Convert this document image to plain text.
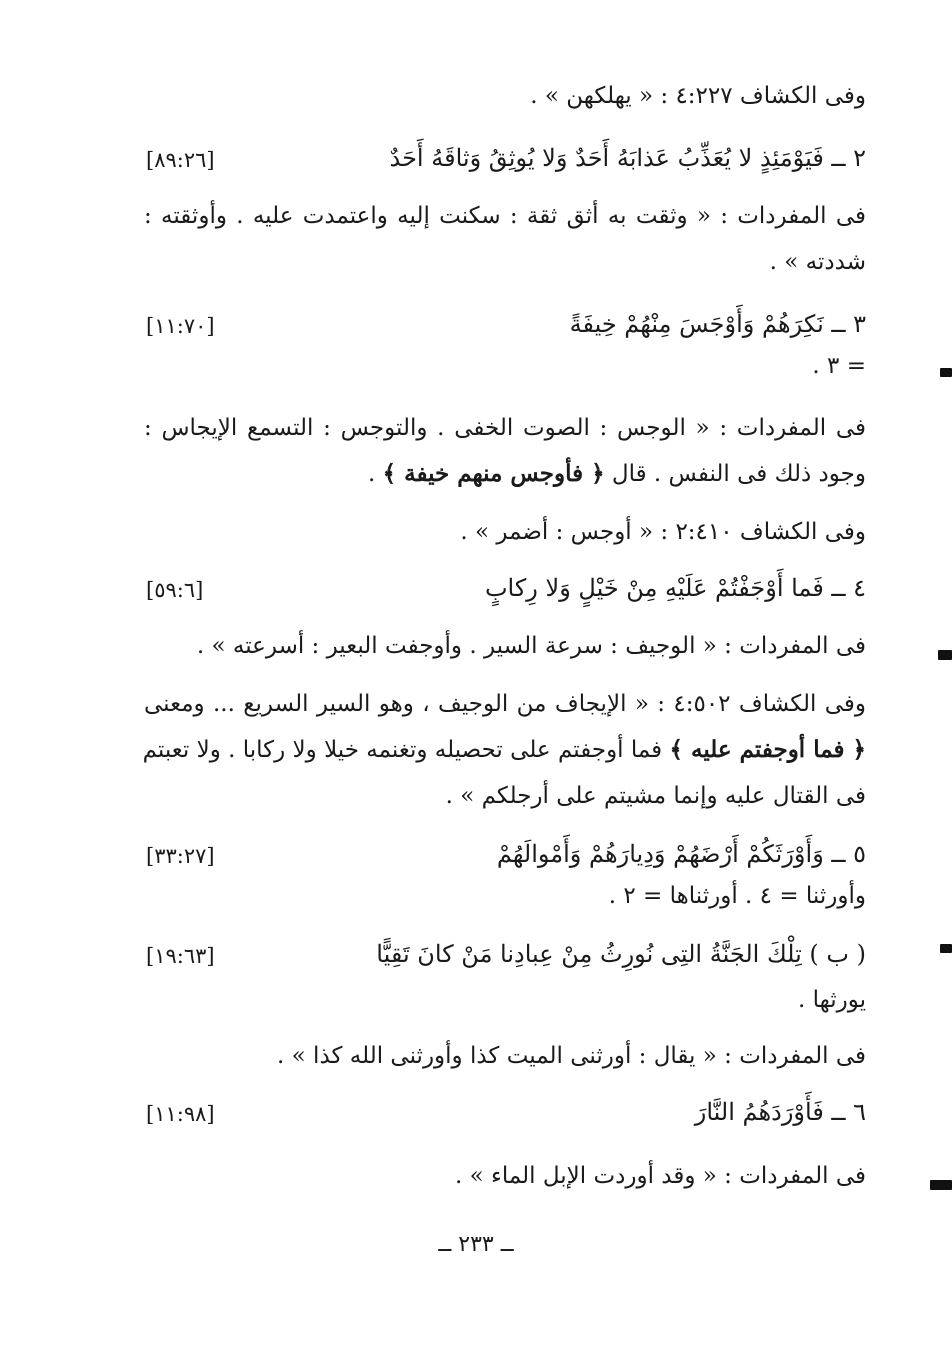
وفى الكشاف ٤:٢٢٧ : « يهلكهن » .
٢ ــ فَيَوْمَئِذٍ لا يُعَذِّبُ عَذابَهُ أَحَدٌ وَلا يُوثِقُ وَثاقَهُ أَحَدٌ
[٨٩:٢٦]
فى المفردات : « وثقت به أثق ثقة : سكنت إليه واعتمدت عليه . وأوثقته :
شددته » .
٣ ــ نَكِرَهُمْ وَأَوْجَسَ مِنْهُمْ خِيفَةً
[١١:٧٠]
= ٣ .
فى المفردات : « الوجس : الصوت الخفى . والتوجس : التسمع الإيجاس :
وجود ذلك فى النفس . قال ﴿ فأوجس منهم خيفة ﴾ .
وفى الكشاف ٢:٤١٠ : « أوجس : أضمر » .
٤ ــ فَما أَوْجَفْتُمْ عَلَيْهِ مِنْ خَيْلٍ وَلا رِكابٍ
[٥٩:٦]
فى المفردات : « الوجيف : سرعة السير . وأوجفت البعير : أسرعته » .
وفى الكشاف ٤:٥٠٢ : « الإيجاف من الوجيف ، وهو السير السريع ... ومعنى
﴿ فما أوجفتم عليه ﴾ فما أوجفتم على تحصيله وتغنمه خيلا ولا ركابا . ولا تعبتم
فى القتال عليه وإنما مشيتم على أرجلكم » .
٥ ــ وَأَوْرَثَكُمْ أَرْضَهُمْ وَدِيارَهُمْ وَأَمْوالَهُمْ
[٣٣:٢٧]
وأورثنا = ٤ . أورثناها = ٢ .
( ب ) تِلْكَ الجَنَّةُ التِى نُورِثُ مِنْ عِبادِنا مَنْ كانَ تَقِيًّا
[١٩:٦٣]
يورثها .
فى المفردات : « يقال : أورثنى الميت كذا وأورثنى الله كذا » .
٦ ــ فَأَوْرَدَهُمُ النَّارَ
[١١:٩٨]
فى المفردات : « وقد أوردت الإبل الماء » .
ــ ٢٣٣ ــ
